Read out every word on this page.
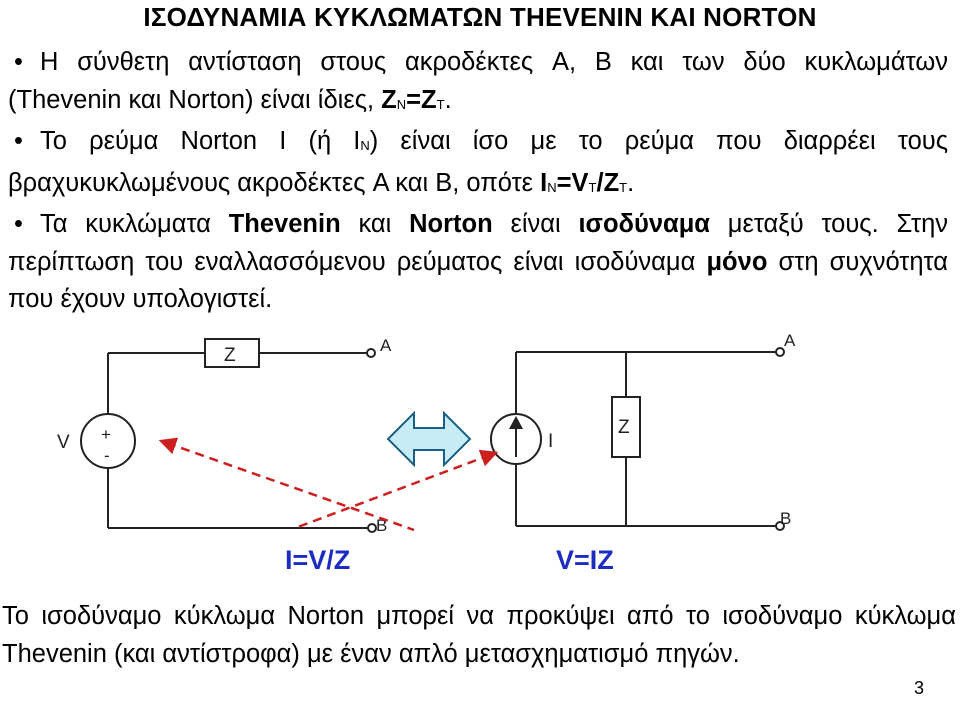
ΙΣΟΔΥΝΑΜΙΑ ΚΥΚΛΩΜΑΤΩΝ THEVENIN ΚΑΙ NORTON

• Η σύνθετη αντίσταση στους ακροδέκτες A, B και των δύο κυκλωμάτων (Thevenin και Norton) είναι ίδιες, $Z_N=Z_T$.

• Το ρεύμα Norton I (ή $I_N$) είναι ίσο με το ρεύμα που διαρρέει τους βραχυκυκλωμένους ακροδέκτες A και B, οπότε $I_N=V_T/Z_T$.

• Τα κυκλώματα Thevenin και Norton είναι ισοδύναμα μεταξύ τους. Στην περίπτωση του εναλλασσόμενου ρεύματος είναι ισοδύναμα μόνο στη συχνότητα που έχουν υπολογιστεί.

Z	A
B
V +
-
A
B
I
Z
I=V/Z	V=IZ
Το ισοδύναμο κύκλωμα Norton μπορεί να προκύψει από το ισοδύναμο κύκλωμα Thevenin (και αντίστροφα) με έναν απλό μετασχηματισμό πηγών.
3
